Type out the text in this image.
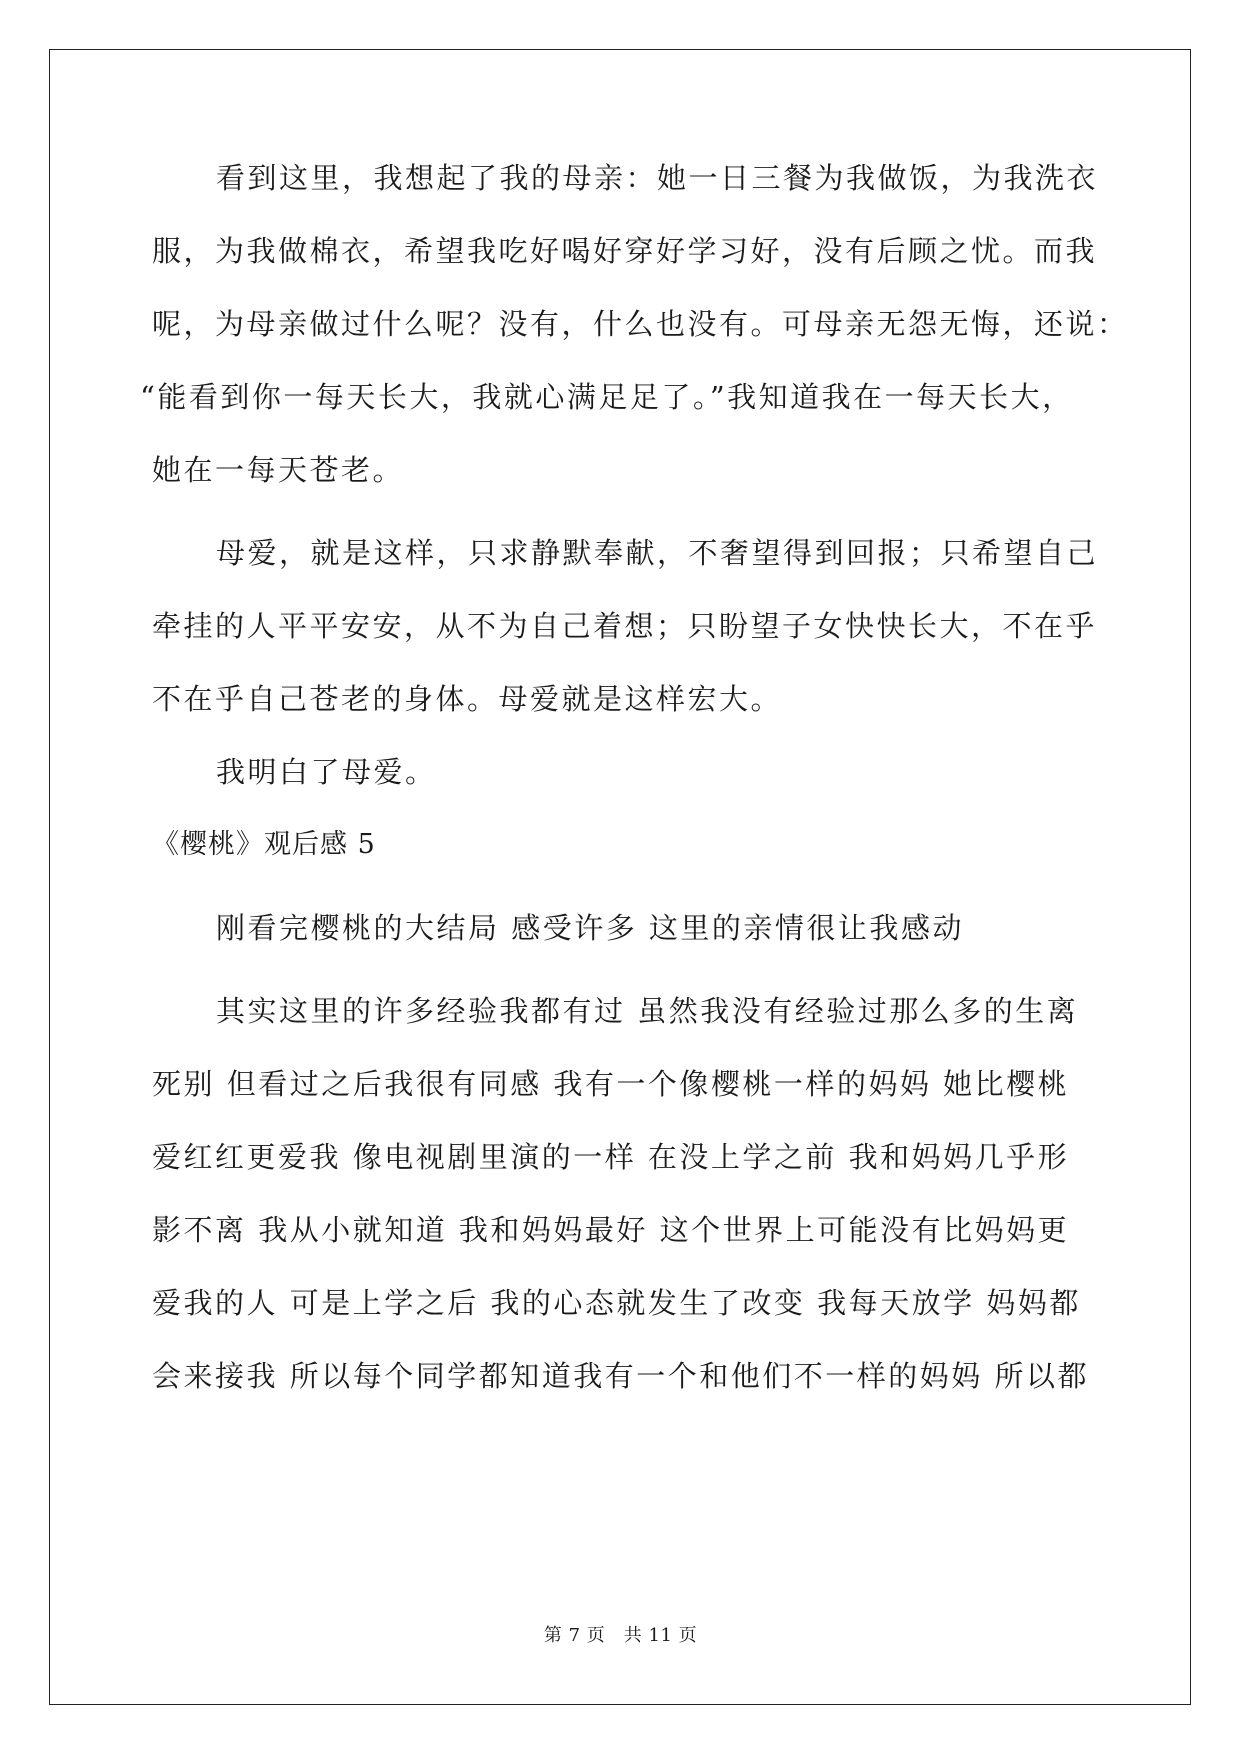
看到这里，我想起了我的母亲：她一日三餐为我做饭，为我洗衣
服，为我做棉衣，希望我吃好喝好穿好学习好，没有后顾之忧。而我
呢，为母亲做过什么呢？没有，什么也没有。可母亲无怨无悔，还说：
“能看到你一每天长大，我就心满足足了。”我知道我在一每天长大，
她在一每天苍老。
母爱，就是这样，只求静默奉献，不奢望得到回报；只希望自己
牵挂的人平平安安，从不为自己着想；只盼望子女快快长大，不在乎
不在乎自己苍老的身体。母爱就是这样宏大。
我明白了母爱。
《樱桃》观后感 5
刚看完樱桃的大结局 感受许多 这里的亲情很让我感动
其实这里的许多经验我都有过 虽然我没有经验过那么多的生离
死别 但看过之后我很有同感 我有一个像樱桃一样的妈妈 她比樱桃
爱红红更爱我 像电视剧里演的一样 在没上学之前 我和妈妈几乎形
影不离 我从小就知道 我和妈妈最好 这个世界上可能没有比妈妈更
爱我的人 可是上学之后 我的心态就发生了改变 我每天放学 妈妈都
会来接我 所以每个同学都知道我有一个和他们不一样的妈妈 所以都
第 7 页　共 11 页
